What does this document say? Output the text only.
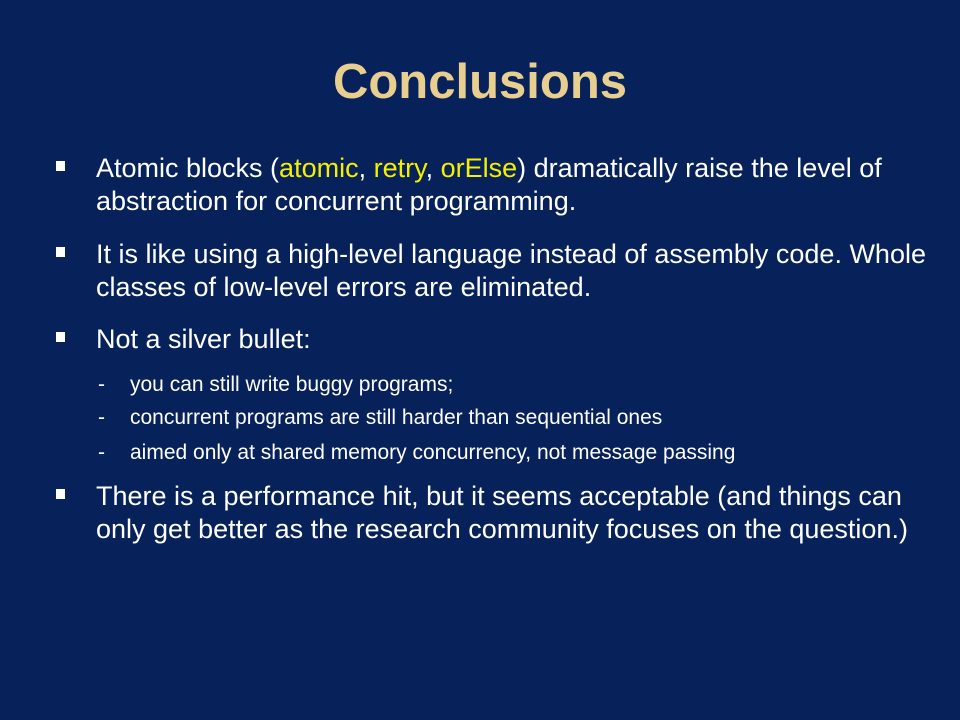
Conclusions
Atomic blocks (atomic, retry, orElse) dramatically raise the level of abstraction for concurrent programming.
It is like using a high-level language instead of assembly code. Whole classes of low-level errors are eliminated.
Not a silver bullet:
- you can still write buggy programs;
- concurrent programs are still harder than sequential ones
- aimed only at shared memory concurrency, not message passing
There is a performance hit, but it seems acceptable (and things can only get better as the research community focuses on the question.)
